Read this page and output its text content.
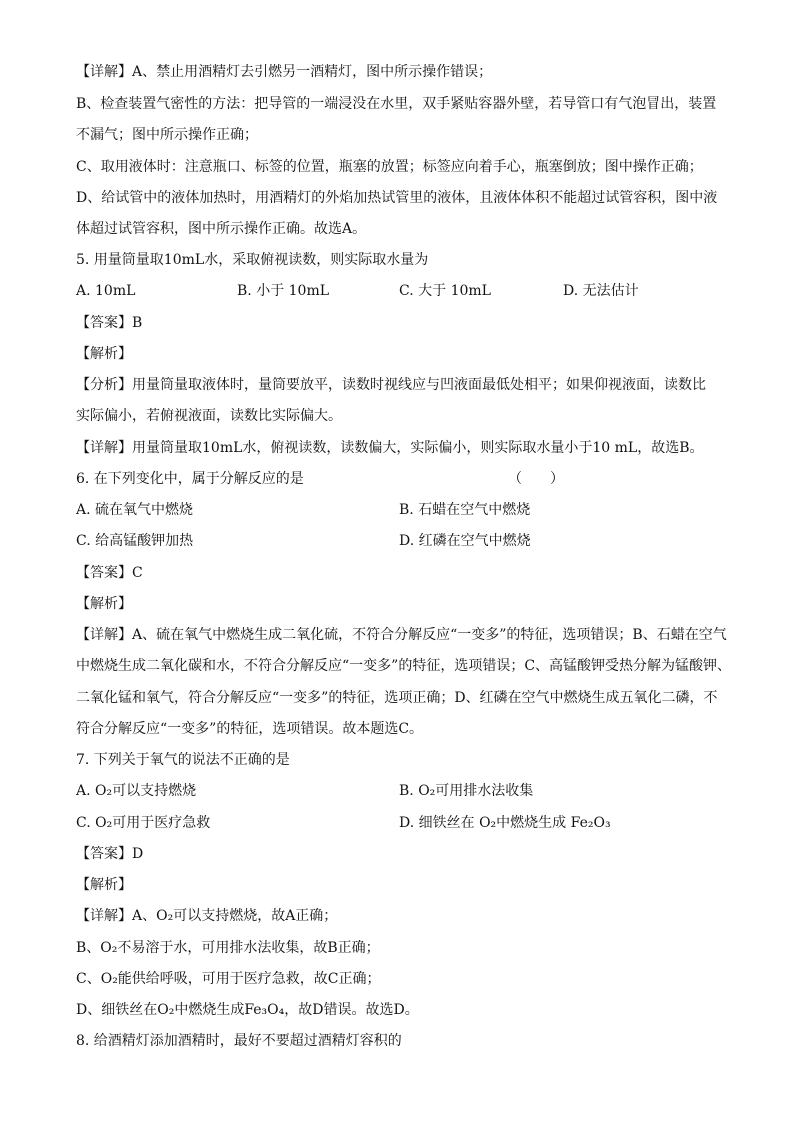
【详解】A、禁止用酒精灯去引燃另一酒精灯，图中所示操作错误；
B、检查装置气密性的方法：把导管的一端浸没在水里，双手紧贴容器外壁，若导管口有气泡冒出，装置
不漏气；图中所示操作正确；
C、取用液体时：注意瓶口、标签的位置，瓶塞的放置；标签应向着手心，瓶塞倒放；图中操作正确；
D、给试管中的液体加热时，用酒精灯的外焰加热试管里的液体，且液体体积不能超过试管容积，图中液
体超过试管容积，图中所示操作正确。故选A。
5. 用量筒量取10mL水，采取俯视读数，则实际取水量为
A. 10mL	B. 小于 10mL	C. 大于 10mL	D. 无法估计
【答案】B
【解析】
【分析】用量筒量取液体时，量筒要放平，读数时视线应与凹液面最低处相平；如果仰视液面，读数比
实际偏小，若俯视液面，读数比实际偏大。
【详解】用量筒量取10mL水，俯视读数，读数偏大，实际偏小，则实际取水量小于10 mL，故选B。
6. 在下列变化中，属于分解反应的是	（　　）
A. 硫在氧气中燃烧	B. 石蜡在空气中燃烧
C. 给高锰酸钾加热	D. 红磷在空气中燃烧
【答案】C
【解析】
【详解】A、硫在氧气中燃烧生成二氧化硫，不符合分解反应“一变多”的特征，选项错误；B、石蜡在空气
中燃烧生成二氧化碳和水，不符合分解反应“一变多”的特征，选项错误；C、高锰酸钾受热分解为锰酸钾、
二氧化锰和氧气，符合分解反应“一变多”的特征，选项正确；D、红磷在空气中燃烧生成五氧化二磷，不
符合分解反应“一变多”的特征，选项错误。故本题选C。
7. 下列关于氧气的说法不正确的是
A. O₂可以支持燃烧	B. O₂可用排水法收集
C. O₂可用于医疗急救	D. 细铁丝在 O₂中燃烧生成 Fe₂O₃
【答案】D
【解析】
【详解】A、O₂可以支持燃烧，故A正确；
B、O₂不易溶于水，可用排水法收集，故B正确；
C、O₂能供给呼吸，可用于医疗急救，故C正确；
D、细铁丝在O₂中燃烧生成Fe₃O₄，故D错误。故选D。
8. 给酒精灯添加酒精时，最好不要超过酒精灯容积的
